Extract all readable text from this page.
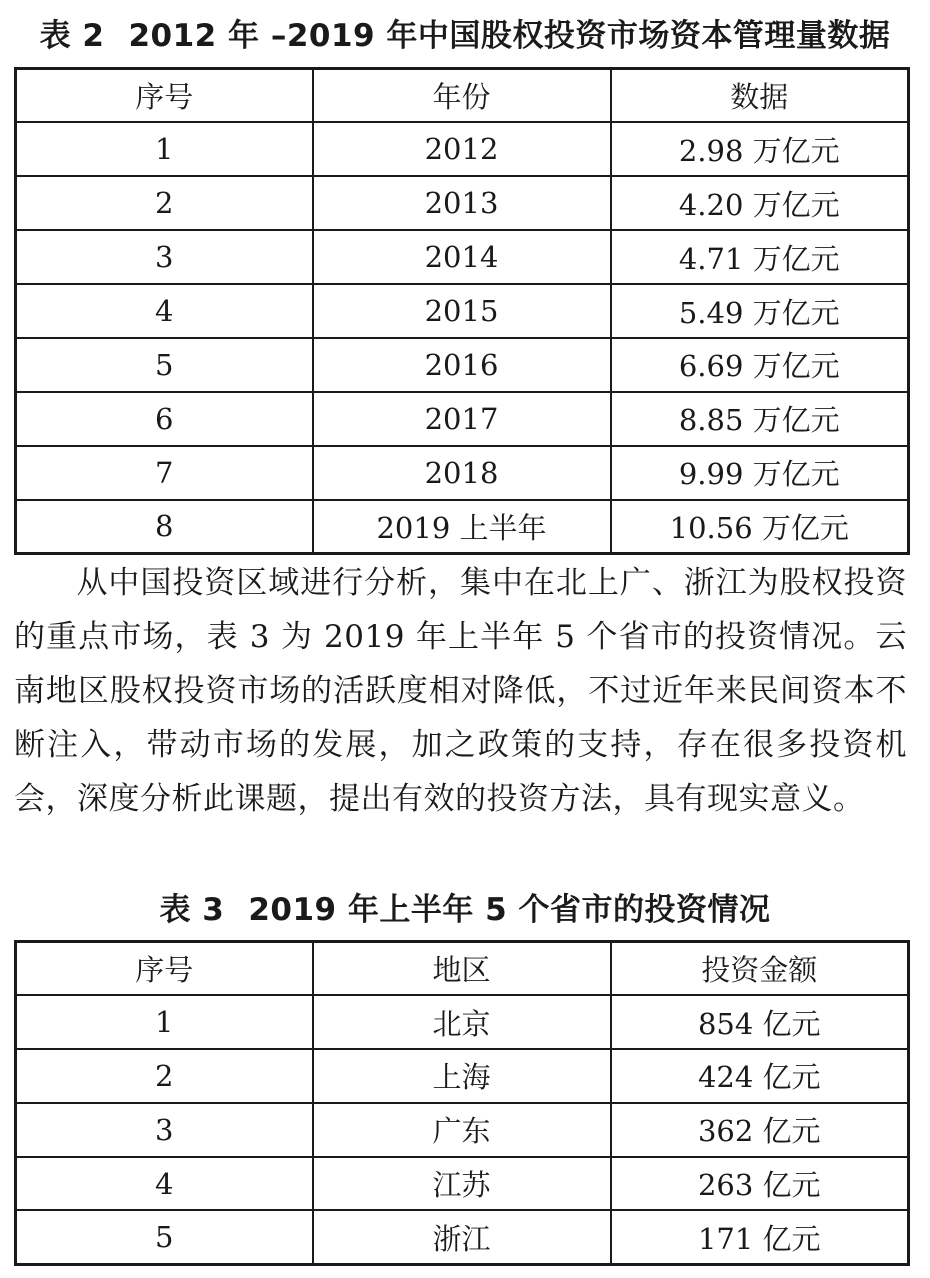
表 2 2012 年 –2019 年中国股权投资市场资本管理量数据
序号	年份	数据
1	2012	2.98 万亿元
2	2013	4.20 万亿元
3	2014	4.71 万亿元
4	2015	5.49 万亿元
5	2016	6.69 万亿元
6	2017	8.85 万亿元
7	2018	9.99 万亿元
8	2019 上半年	10.56 万亿元
从中国投资区域进行分析，集中在北上广、浙江为股权投资的重点市场，表 3 为 2019 年上半年 5 个省市的投资情况。云南地区股权投资市场的活跃度相对降低，不过近年来民间资本不断注入，带动市场的发展，加之政策的支持，存在很多投资机会，深度分析此课题，提出有效的投资方法，具有现实意义。
表 3 2019 年上半年 5 个省市的投资情况
序号	地区	投资金额
1	北京	854 亿元
2	上海	424 亿元
3	广东	362 亿元
4	江苏	263 亿元
5	浙江	171 亿元
